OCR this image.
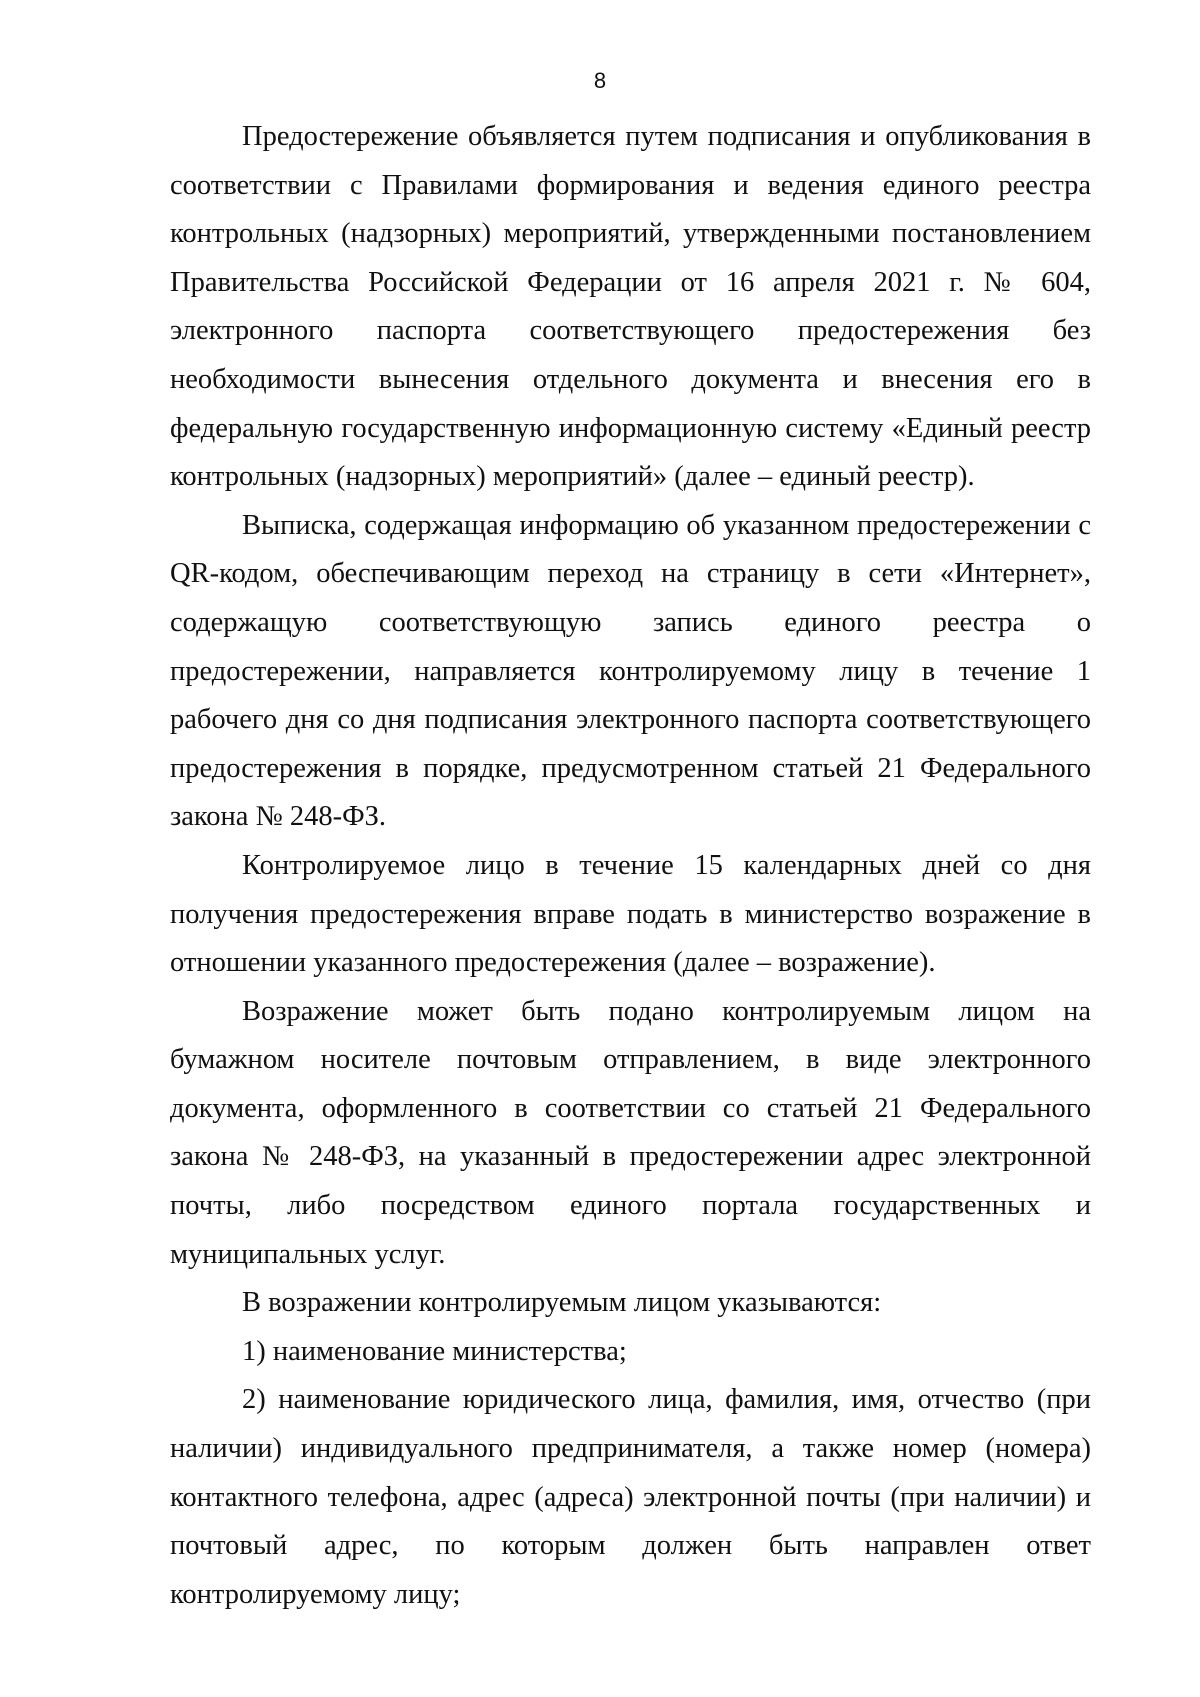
8

Предостережение объявляется путем подписания и опубликования в соответствии с Правилами формирования и ведения единого реестра контрольных (надзорных) мероприятий, утвержденными постановлением Правительства Российской Федерации от 16 апреля 2021 г. № 604, электронного паспорта соответствующего предостережения без необходимости вынесения отдельного документа и внесения его в федеральную государственную информационную систему «Единый реестр контрольных (надзорных) мероприятий» (далее – единый реестр).

Выписка, содержащая информацию об указанном предостережении с QR-кодом, обеспечивающим переход на страницу в сети «Интернет», содержащую соответствующую запись единого реестра о предостережении, направляется контролируемому лицу в течение 1 рабочего дня со дня подписания электронного паспорта соответствующего предостережения в порядке, предусмотренном статьей 21 Федерального закона № 248-ФЗ.

Контролируемое лицо в течение 15 календарных дней со дня получения предостережения вправе подать в министерство возражение в отношении указанного предостережения (далее – возражение).

Возражение может быть подано контролируемым лицом на бумажном носителе почтовым отправлением, в виде электронного документа, оформленного в соответствии со статьей 21 Федерального закона № 248-ФЗ, на указанный в предостережении адрес электронной почты, либо посредством единого портала государственных и муниципальных услуг.

В возражении контролируемым лицом указываются:

1) наименование министерства;

2) наименование юридического лица, фамилия, имя, отчество (при наличии) индивидуального предпринимателя, а также номер (номера) контактного телефона, адрес (адреса) электронной почты (при наличии) и почтовый адрес, по которым должен быть направлен ответ контролируемому лицу;
